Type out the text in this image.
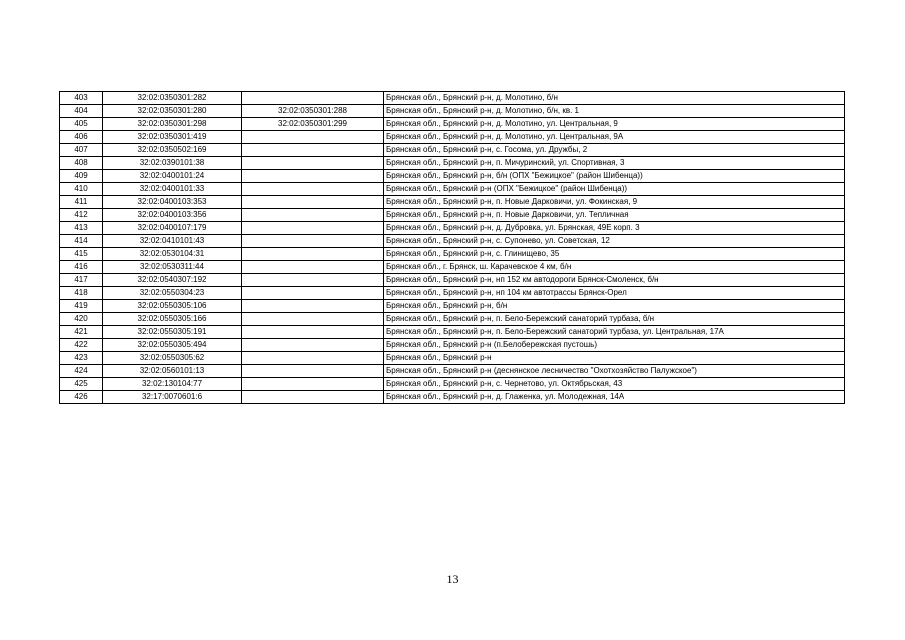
403	32:02:0350301:282		Брянская обл., Брянский р-н, д. Молотино, б/н
404	32:02:0350301:280	32:02:0350301:288	Брянская обл., Брянский р-н, д. Молотино, б/н, кв. 1
405	32:02:0350301:298	32:02:0350301:299	Брянская обл., Брянский р-н, д. Молотино, ул. Центральная, 9
406	32:02:0350301:419		Брянская обл., Брянский р-н, д. Молотино, ул. Центральная, 9А
407	32:02:0350502:169		Брянская обл., Брянский р-н, с. Госома, ул. Дружбы, 2
408	32:02:0390101:38		Брянская обл., Брянский р-н, п. Мичуринский, ул. Спортивная, 3
409	32:02:0400101:24		Брянская обл., Брянский р-н, б/н (ОПХ "Бежицкое" (район Шибенца))
410	32:02:0400101:33		Брянская обл., Брянский р-н (ОПХ "Бежицкое" (район Шибенца))
411	32:02:0400103:353		Брянская обл., Брянский р-н, п. Новые Дарковичи, ул. Фокинская, 9
412	32:02:0400103:356		Брянская обл., Брянский р-н, п. Новые Дарковичи, ул. Тепличная
413	32:02:0400107:179		Брянская обл., Брянский р-н, д. Дубровка, ул. Брянская, 49Е корп. 3
414	32:02:0410101:43		Брянская обл., Брянский р-н, с. Супонево, ул. Советская, 12
415	32:02:0530104:31		Брянская обл., Брянский р-н, с. Глинищево, 35
416	32:02:0530311:44		Брянская обл., г. Брянск, ш. Карачевское 4 км, б/н
417	32:02:0540307:192		Брянская обл., Брянский р-н, нп 152 км автодороги Брянск-Смоленск, б/н
418	32:02:0550304:23		Брянская обл., Брянский р-н, нп 104 км автотрассы Брянск-Орел
419	32:02:0550305:106		Брянская обл., Брянский р-н, б/н
420	32:02:0550305:166		Брянская обл., Брянский р-н, п. Бело-Бережский санаторий турбаза, б/н
421	32:02:0550305:191		Брянская обл., Брянский р-н, п. Бело-Бережский санаторий турбаза, ул. Центральная, 17А
422	32:02:0550305:494		Брянская обл., Брянский р-н (п.Белобережская пустошь)
423	32:02:0550305:62		Брянская обл., Брянский р-н
424	32:02:0560101:13		Брянская обл., Брянский р-н (деснянское лесничество "Охотхозяйство Палужское")
425	32:02:130104:77		Брянская обл., Брянский р-н, с. Чернетово, ул. Октябрьская, 43
426	32:17:0070601:6		Брянская обл., Брянский р-н, д. Глаженка, ул. Молодежная, 14А
13
